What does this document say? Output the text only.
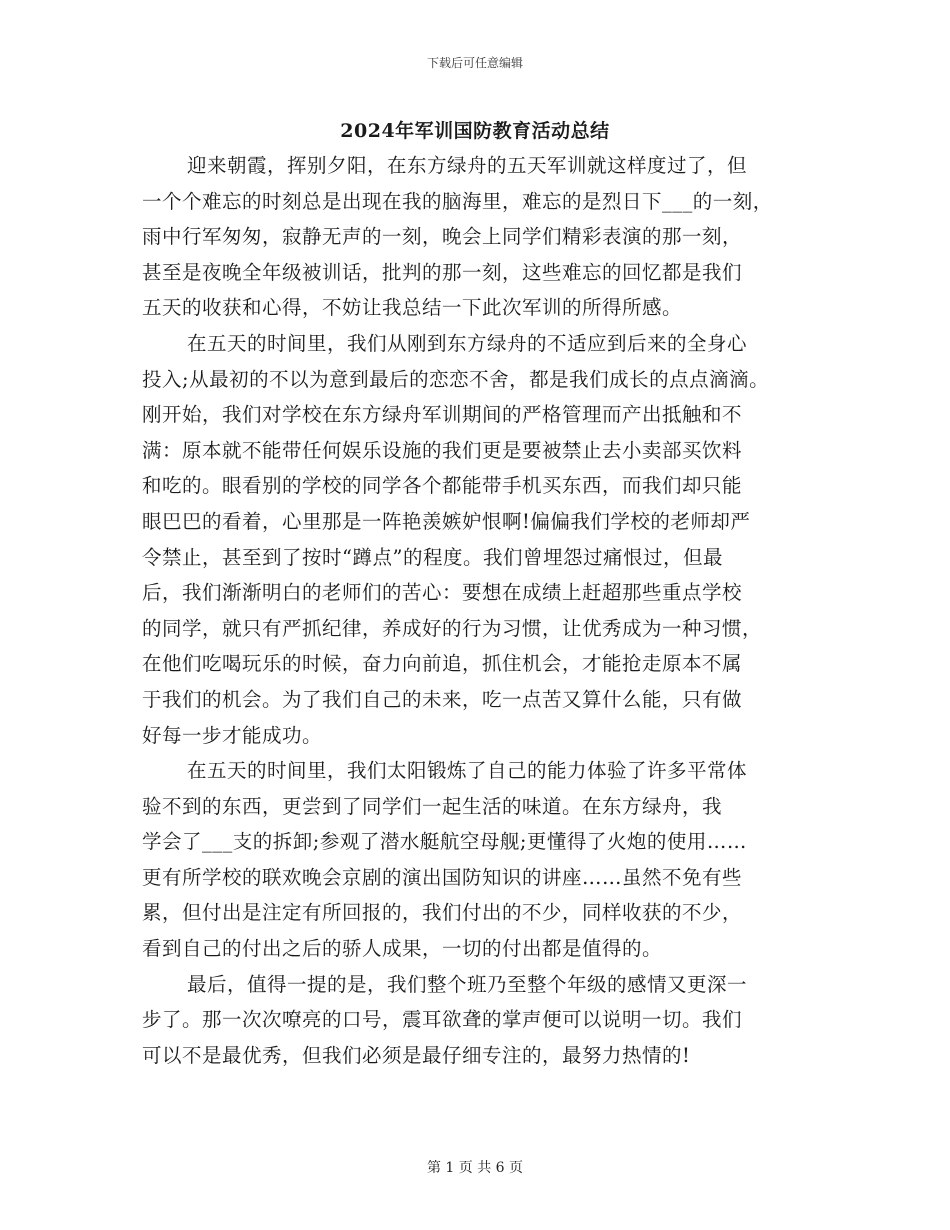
下载后可任意编辑
2024年军训国防教育活动总结
迎来朝霞，挥别夕阳，在东方绿舟的五天军训就这样度过了，但
一个个难忘的时刻总是出现在我的脑海里，难忘的是烈日下___的一刻，
雨中行军匆匆，寂静无声的一刻，晚会上同学们精彩表演的那一刻，
甚至是夜晚全年级被训话，批判的那一刻，这些难忘的回忆都是我们
五天的收获和心得，不妨让我总结一下此次军训的所得所感。
在五天的时间里，我们从刚到东方绿舟的不适应到后来的全身心
投入;从最初的不以为意到最后的恋恋不舍，都是我们成长的点点滴滴。
刚开始，我们对学校在东方绿舟军训期间的严格管理而产出抵触和不
满：原本就不能带任何娱乐设施的我们更是要被禁止去小卖部买饮料
和吃的。眼看别的学校的同学各个都能带手机买东西，而我们却只能
眼巴巴的看着，心里那是一阵艳羡嫉妒恨啊!偏偏我们学校的老师却严
令禁止，甚至到了按时“蹲点”的程度。我们曾埋怨过痛恨过，但最
后，我们渐渐明白的老师们的苦心：要想在成绩上赶超那些重点学校
的同学，就只有严抓纪律，养成好的行为习惯，让优秀成为一种习惯，
在他们吃喝玩乐的时候，奋力向前追，抓住机会，才能抢走原本不属
于我们的机会。为了我们自己的未来，吃一点苦又算什么能，只有做
好每一步才能成功。
在五天的时间里，我们太阳锻炼了自己的能力体验了许多平常体
验不到的东西，更尝到了同学们一起生活的味道。在东方绿舟，我
学会了___支的拆卸;参观了潜水艇航空母舰;更懂得了火炮的使用……
更有所学校的联欢晚会京剧的演出国防知识的讲座……虽然不免有些
累，但付出是注定有所回报的，我们付出的不少，同样收获的不少，
看到自己的付出之后的骄人成果，一切的付出都是值得的。
最后，值得一提的是，我们整个班乃至整个年级的感情又更深一
步了。那一次次嘹亮的口号，震耳欲聋的掌声便可以说明一切。我们
可以不是最优秀，但我们必须是最仔细专注的，最努力热情的!
第 1 页 共 6 页
